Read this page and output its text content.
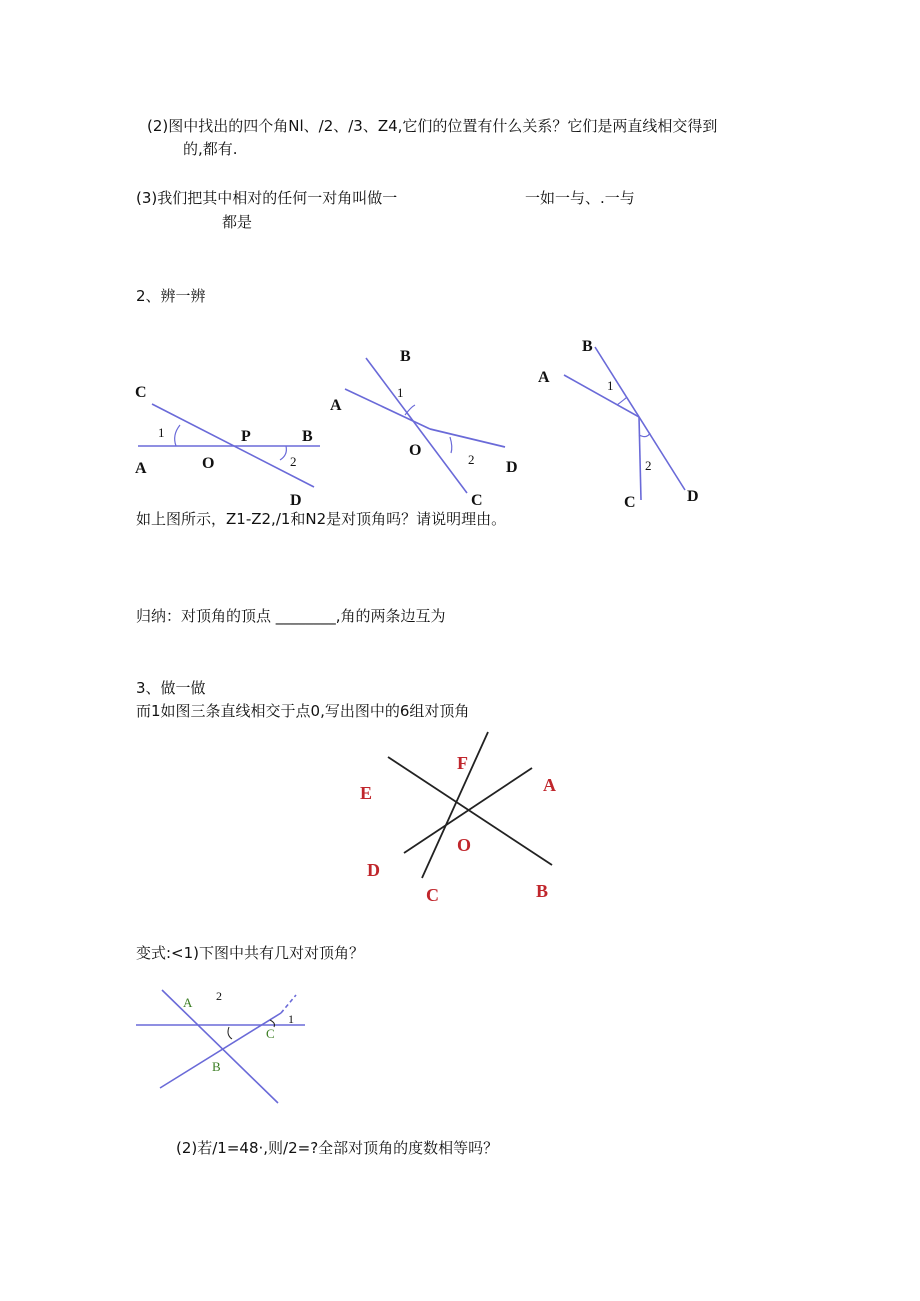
(2)图中找出的四个角Nl、/2、/3、Z4,它们的位置有什么关系？它们是两直线相交得到
的,都有.
(3)我们把其中相对的任何一对角叫做一	一如一与、.一与
都是
2、辨一辨
C
1
A	O
P	B
2
D
B
1
A
O
2 D
C
B
A	1
2
C	D
如上图所示，Z1-Z2,/1和N2是对顶角吗？请说明理由。
归纳：对顶角的顶点 ________,角的两条边互为
3、做一做
而1如图三条直线相交于点0,写出图中的6组对顶角
F
A
E
O
D
C	B
变式:<1)下图中共有几对对顶角？
A 2
1
C
B
(2)若/1=48·,则/2=?全部对顶角的度数相等吗？
